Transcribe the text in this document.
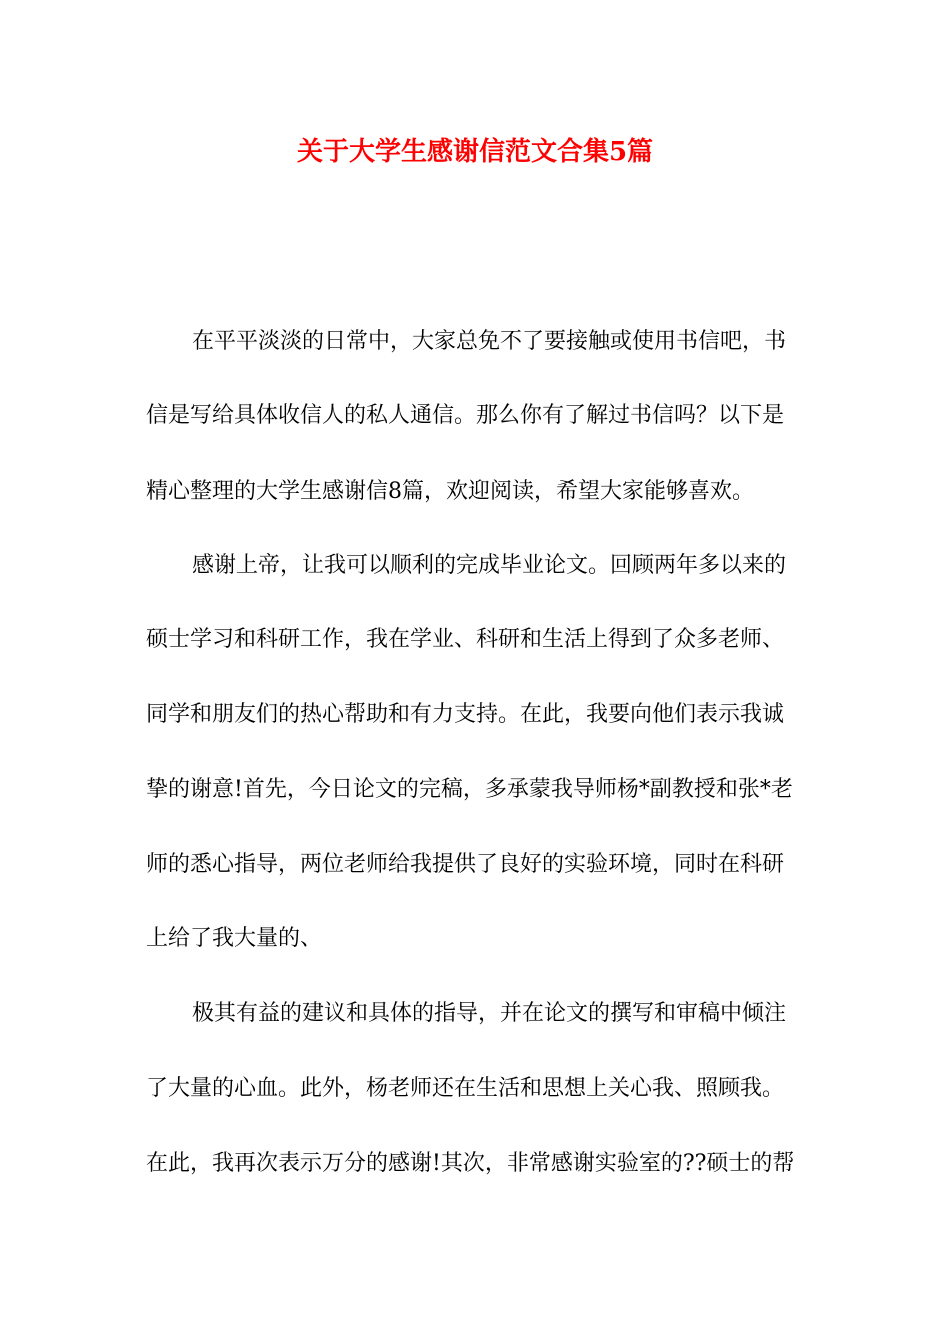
关于大学生感谢信范文合集5篇
在平平淡淡的日常中，大家总免不了要接触或使用书信吧，书
信是写给具体收信人的私人通信。那么你有了解过书信吗？以下是
精心整理的大学生感谢信8篇，欢迎阅读，希望大家能够喜欢。
感谢上帝，让我可以顺利的完成毕业论文。回顾两年多以来的
硕士学习和科研工作，我在学业、科研和生活上得到了众多老师、
同学和朋友们的热心帮助和有力支持。在此，我要向他们表示我诚
挚的谢意!首先，今日论文的完稿，多承蒙我导师杨*副教授和张*老
师的悉心指导，两位老师给我提供了良好的实验环境，同时在科研
上给了我大量的、
极其有益的建议和具体的指导，并在论文的撰写和审稿中倾注
了大量的心血。此外，杨老师还在生活和思想上关心我、照顾我。
在此，我再次表示万分的感谢!其次，非常感谢实验室的??硕士的帮
